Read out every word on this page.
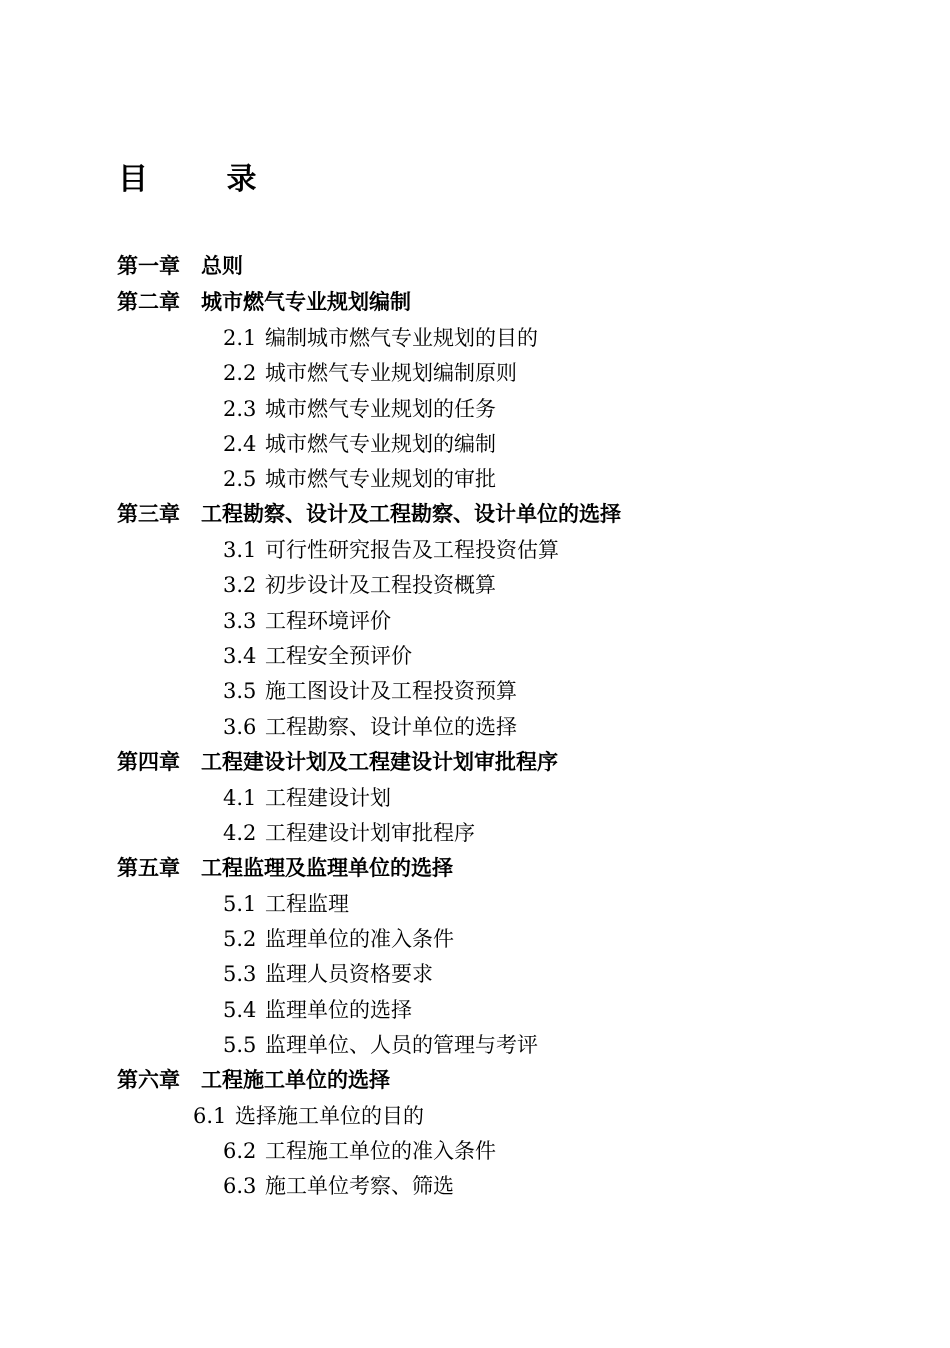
目 录
第一章 总则
第二章 城市燃气专业规划编制
2.1 编制城市燃气专业规划的目的
2.2 城市燃气专业规划编制原则
2.3 城市燃气专业规划的任务
2.4 城市燃气专业规划的编制
2.5 城市燃气专业规划的审批
第三章 工程勘察、设计及工程勘察、设计单位的选择
3.1 可行性研究报告及工程投资估算
3.2 初步设计及工程投资概算
3.3 工程环境评价
3.4 工程安全预评价
3.5 施工图设计及工程投资预算
3.6 工程勘察、设计单位的选择
第四章 工程建设计划及工程建设计划审批程序
4.1 工程建设计划
4.2 工程建设计划审批程序
第五章 工程监理及监理单位的选择
5.1 工程监理
5.2 监理单位的准入条件
5.3 监理人员资格要求
5.4 监理单位的选择
5.5 监理单位、人员的管理与考评
第六章 工程施工单位的选择
6.1 选择施工单位的目的
6.2 工程施工单位的准入条件
6.3 施工单位考察、筛选
